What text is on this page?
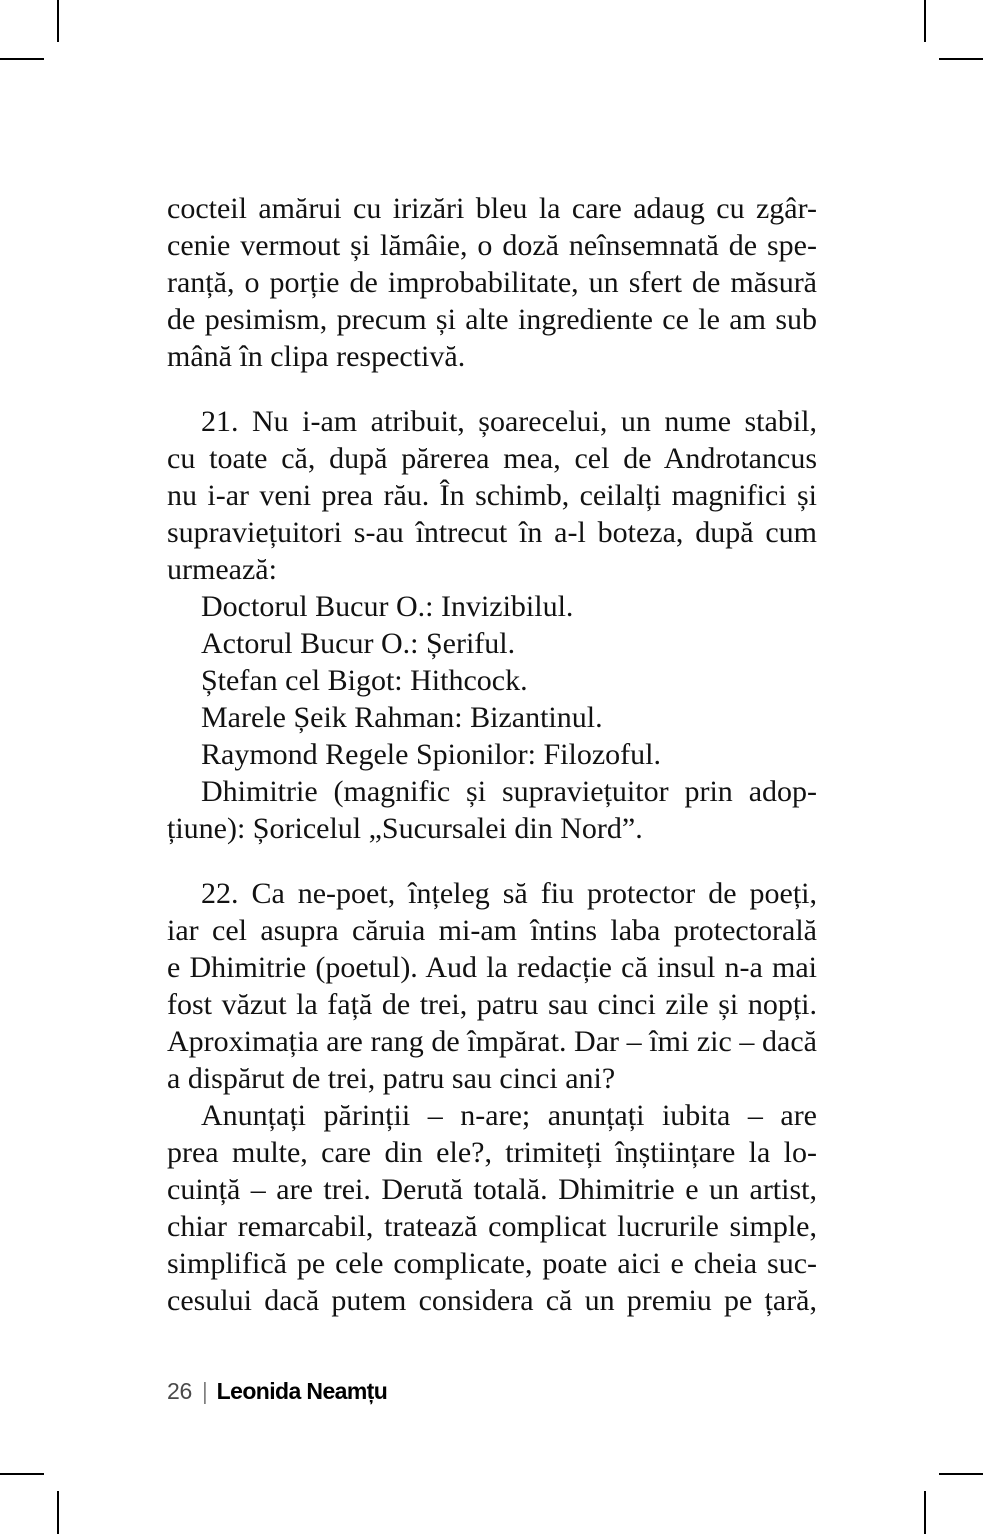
cocteil amărui cu irizări bleu la care adaug cu zgâr-
cenie vermout și lămâie, o doză neînsemnată de spe-
ranță, o porție de improbabilitate, un sfert de măsură
de pesimism, precum și alte ingrediente ce le am sub
mână în clipa respectivă.
21. Nu i-am atribuit, șoarecelui, un nume stabil,
cu toate că, după părerea mea, cel de Androtancus
nu i-ar veni prea rău. În schimb, ceilalți magnifici și
supraviețuitori s-au întrecut în a-l boteza, după cum
urmează:
Doctorul Bucur O.: Invizibilul.
Actorul Bucur O.: Șeriful.
Ștefan cel Bigot: Hithcock.
Marele Șeik Rahman: Bizantinul.
Raymond Regele Spionilor: Filozoful.
Dhimitrie (magnific și supraviețuitor prin adop-
țiune): Șoricelul „Sucursalei din Nord”.
22. Ca ne-poet, înțeleg să fiu protector de poeți,
iar cel asupra căruia mi-am întins laba protectorală
e Dhimitrie (poetul). Aud la redacție că insul n-a mai
fost văzut la față de trei, patru sau cinci zile și nopți.
Aproximația are rang de împărat. Dar – îmi zic – dacă
a dispărut de trei, patru sau cinci ani?
Anunțați părinții – n-are; anunțați iubita – are
prea multe, care din ele?, trimiteți înștiințare la lo-
cuință – are trei. Derută totală. Dhimitrie e un artist,
chiar remarcabil, tratează complicat lucrurile simple,
simplifică pe cele complicate, poate aici e cheia suc-
cesului dacă putem considera că un premiu pe țară,
26 | Leonida Neamțu
